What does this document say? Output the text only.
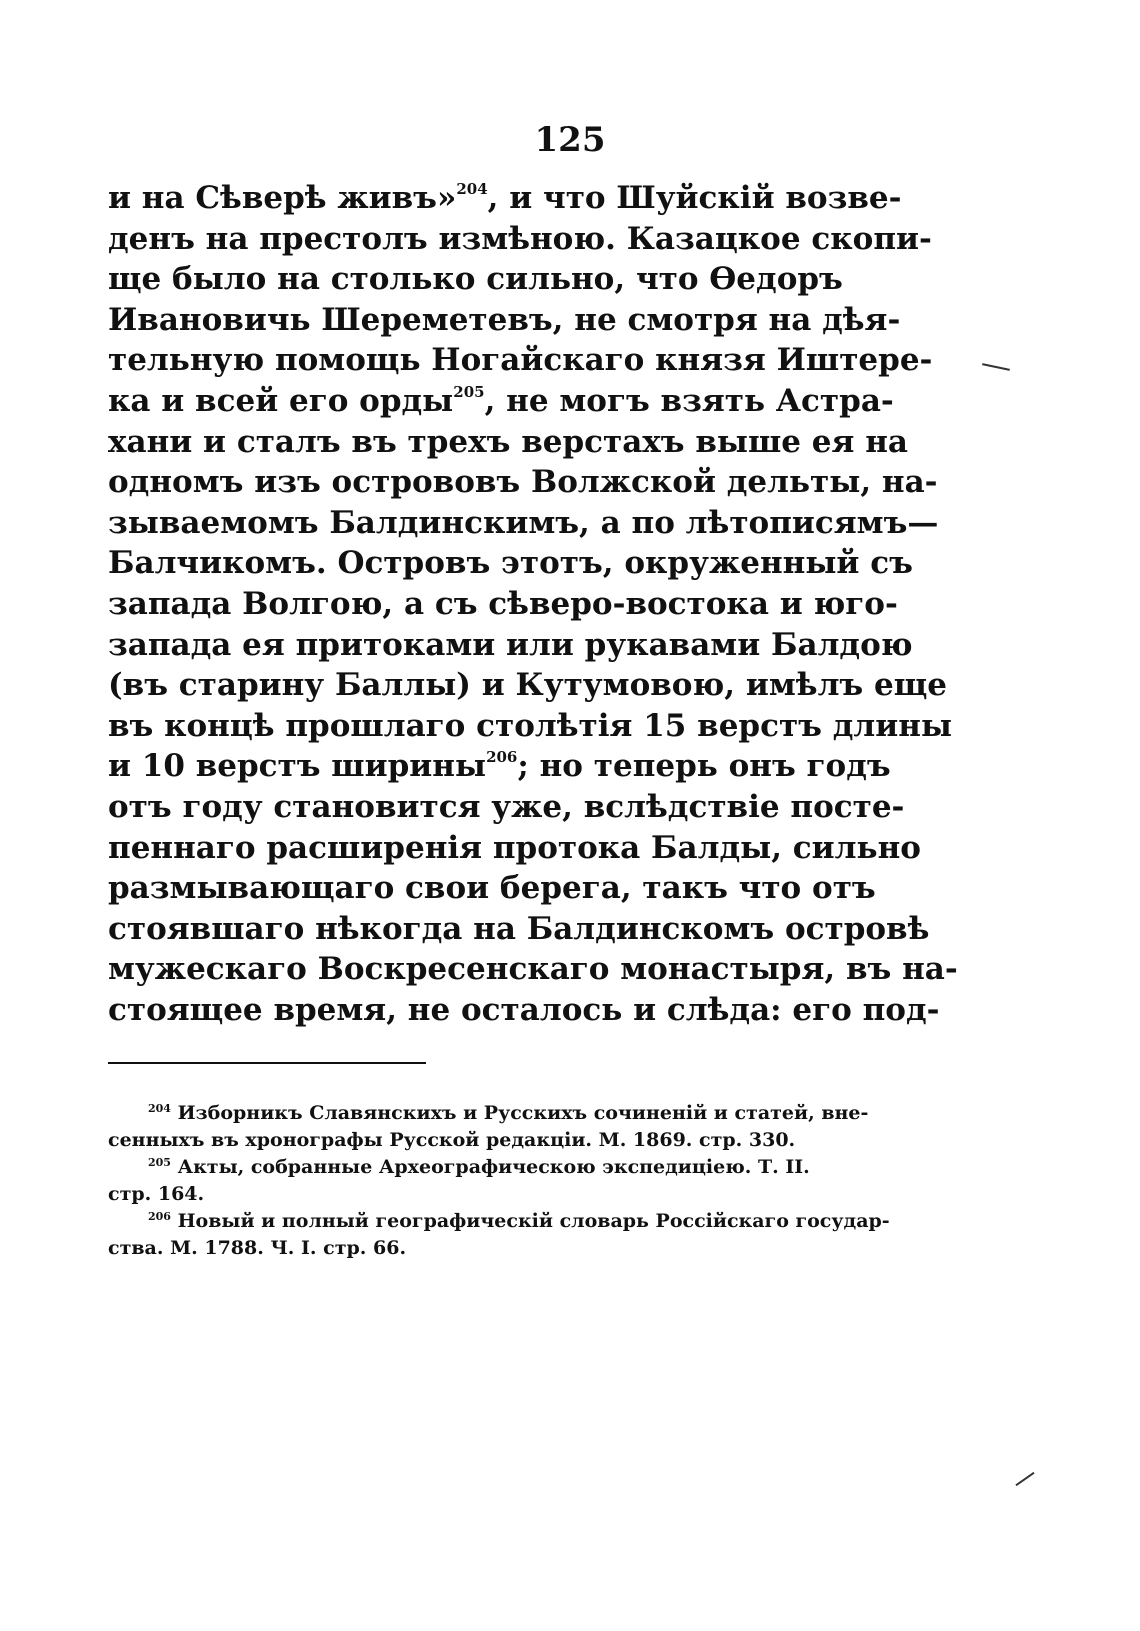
125
и на Сѣверѣ живъ»$^{204}$, и что Шуйскій возве-
денъ на престолъ измѣною. Казацкое скопи-
ще было на столько сильно, что Ѳедоръ
Ивановичь Шереметевъ, не смотря на дѣя-
тельную помощь Ногайскаго князя Иштере-
ка и всей его орды$^{205}$, не могъ взять Астра-
хани и сталъ въ трехъ верстахъ выше ея на
одномъ изъ острововъ Волжской дельты, на-
зываемомъ Балдинскимъ, а по лѣтописямъ—
Балчикомъ. Островъ этотъ, окруженный съ
запада Волгою, а съ сѣверо-востока и юго-
запада ея притоками или рукавами Балдою
(въ старину Баллы) и Кутумовою, имѣлъ еще
въ концѣ прошлаго столѣтія 15 верстъ длины
и 10 верстъ ширины$^{206}$; но теперь онъ годъ
отъ году становится уже, вслѣдствіе посте-
пеннаго расширенія протока Балды, сильно
размывающаго свои берега, такъ что отъ
стоявшаго нѣкогда на Балдинскомъ островѣ
мужескаго Воскресенскаго монастыря, въ на-
стоящее время, не осталось и слѣда: его под-
$^{204}$ Изборникъ Славянскихъ и Русскихъ сочиненій и статей, вне-
сенныхъ въ хронографы Русской редакціи. М. 1869. стр. 330.
$^{205}$ Акты, собранные Археографическою экспедиціею. Т. II.
стр. 164.
$^{206}$ Новый и полный географическій словарь Россійскаго государ-
ства. М. 1788. Ч. I. стр. 66.
